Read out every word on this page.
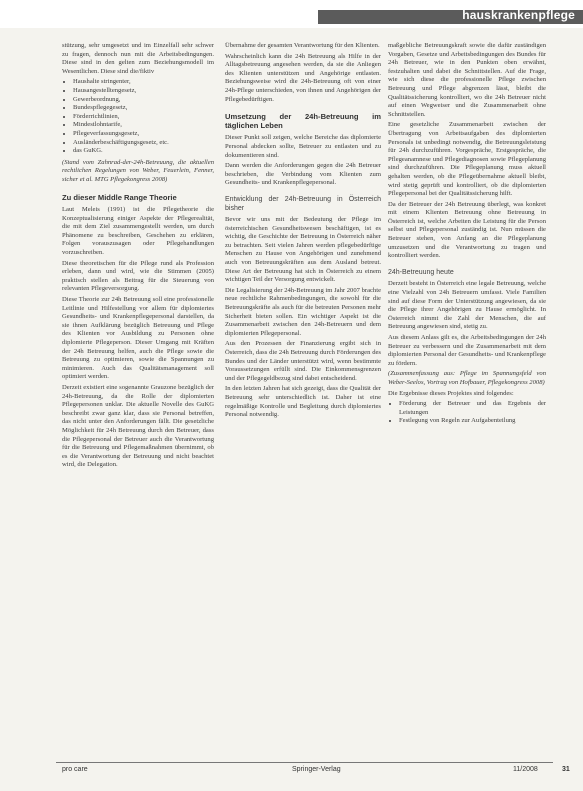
hauskrankenpflege

stützung, sehr umgesetzt und im Einzelfall sehr schwer zu fragen, dennoch nun mit die Arbeitsbedingungen. Diese sind in den gelten zum Beziehungsmodell im Wesentlichen. Diese sind die/fiktiv

• Haushalte stringenter,
• Hausangestelltengesetz,
• Gewerbeordnung,
• Bundespflegegesetz,
• Förderrichtlinien,
• Mindestlohntarife,
• Pflegeverfassungsgesetz,
• Ausländerbeschäftigungsgesetz, etc.
• das GuKG.

(Stand vom Zahnrad-der-24h-Betreuung, die aktuellen rechtlichen Regelungen von Weber, Feuerlein, Fenner, sicher et al. MTG Pflegekongress 2008)

Zu dieser Middle Range Theorie

Laut Meleis (1991) ist die Pflegetheorie die Konzeptualisierung einiger Aspekte der Pflegerealität, die mit dem Ziel zusammengestellt werden, um durch Phänomene zu beschreiben, Geschehen zu erklären, Folgen vorauszusagen oder Pflegehandlungen vorzuschreiben.

Diese theoretischen für die Pflege rund als Profession erleben, dann und wird, wie die Stimmen (2005) praktisch stellen als Beitrag für die Steuerung von relevanten Pflegeversorgung.

Diese Theorie zur 24h Betreuung soll eine professionelle Leitlinie und Hilfestellung vor allem für diplomiertes Gesundheits- und Krankenpflegepersonal darstellen, da sie ihnen Aufklärung bezüglich Betreuung und Pflege des Klienten vor Ausbildung zu Personen ohne diplomierte Pflegeperson. Dieser Umgang mit Kräften der 24h Betreuung helfen, auch die Pflege sowie die Betreuung zu optimieren, sowie die Spannungen zu minimieren. Auch das Qualitätsmanagement soll optimiert werden.

Derzeit existiert eine sogenannte Grauzone bezüglich der 24h-Betreuung, da die Rolle der diplomierten Pflegepersonen unklar. Die aktuelle Novelle des GuKG beschreibt zwar ganz klar, dass sie Personal betreffen, das nicht unter den Anforderungen fällt. Die gesetzliche Möglichkeit für 24h Betreuung durch den Betreuer, dass die Pflegepersonal der Betreuer auch die Verantwortung für die Betreuung und Pflegemaßnahmen übernimmt, ob es die Verantwortung der Betreuung und nicht beachtet wird, die Delegation.

Übernahme der gesamten Verantwortung für den Klienten.

Wahrscheinlich kann die 24h Betreuung als Hilfe in der Alltagsbetreuung angesehen werden, da sie die Anliegen des Klienten unterstützen und Angehörige entlasten. Beziehungsweise wird die 24h-Betreuung oft von einer 24h-Pflege unterschieden, von ihnen und Angehörigen der Pflegebedürftigen.

Umsetzung der 24h-Betreuung im täglichen Leben

Dieser Punkt soll zeigen, welche Bereiche das diplomierte Personal abdecken sollte, Betreuer zu entlasten und zu dokumentieren sind.

Dann werden die Anforderungen gegen die 24h Betreuer beschrieben, die Verbindung vom Klienten zum Gesundheits- und Krankenpflegepersonal.

Entwicklung der 24h-Betreuung in Österreich bisher

Bevor wir uns mit der Bedeutung der Pflege im österreichischen Gesundheitswesen beschäftigen, ist es wichtig, die Geschichte der Betreuung in Österreich näher zu betrachten. Seit vielen Jahren werden pflegebedürftige Menschen zu Hause von Angehörigen und zunehmend auch von Betreuungskräften aus dem Ausland betreut. Diese Art der Betreuung hat sich in Österreich zu einem wichtigen Teil der Versorgung entwickelt.

Die Legalisierung der 24h-Betreuung im Jahr 2007 brachte neue rechtliche Rahmenbedingungen, die sowohl für die Betreuungskräfte als auch für die betreuten Personen mehr Sicherheit bieten sollen. Ein wichtiger Aspekt ist die Zusammenarbeit zwischen den 24h-Betreuern und dem diplomierten Pflegepersonal.

Aus den Prozessen der Finanzierung ergibt sich in Österreich, dass die 24h Betreuung durch Förderungen des Bundes und der Länder unterstützt wird, wenn bestimmte Voraussetzungen erfüllt sind. Die Einkommensgrenzen und der Pflegegeldbezug sind dabei entscheidend.

In den letzten Jahren hat sich gezeigt, dass die Qualität der Betreuung sehr unterschiedlich ist. Daher ist eine regelmäßige Kontrolle und Begleitung durch diplomiertes Personal notwendig.

maßgebliche Betreuungskraft sowie die dafür zuständigen Vorgaben, Gesetze und Arbeitsbedingungen des Bundes für 24h Betreuer, wie in den Punkten oben erwähnt, festzuhalten und dabei die Schnittstellen. Auf die Frage, wie sich diese die professionelle Pflege zwischen Betreuung und Pflege abgrenzen lässt, bleibt die Qualitätssicherung kontrolliert, wo die 24h Betreuer nicht auf einen Wegweiser und die Zusammenarbeit ohne Schnittstellen.

Eine gesetzliche Zusammenarbeit zwischen der Übertragung von Arbeitsaufgaben des diplomierten Personals ist unbedingt notwendig, die Betreuungsleistung für 24h durchzuführen. Vorgespräche, Erstgespräche, die Pflegeanamnese und Pflegediagnosen sowie Pflegeplanung sind durchzuführen. Die Pflegeplanung muss aktuell gehalten werden, ob die Pflegeübernahme aktuell bleibt, wird stetig geprüft und kontrolliert, ob die diplomierten Pflegepersonal bei der Qualitätssicherung hilft.

Da der Betreuer der 24h Betreuung überlegt, was konkret mit einem Klienten Betreuung ohne Betreuung in Österreich ist, welche Arbeiten die Leistung für die Person selbst und Pflegepersonal zuständig ist. Nun müssen die Betreuer stehen, von Anfang an die Pflegeplanung umzusetzen und die Verantwortung zu tragen und kontrolliert werden.

24h-Betreuung heute

Derzeit besteht in Österreich eine legale Betreuung, welche eine Vielzahl von 24h Betreuern umfasst. Viele Familien sind auf diese Form der Unterstützung angewiesen, da sie die Pflege ihrer Angehörigen zu Hause ermöglicht. In Österreich nimmt die Zahl der Menschen, die auf Betreuung angewiesen sind, stetig zu.

Aus diesem Anlass gilt es, die Arbeitsbedingungen der 24h Betreuer zu verbessern und die Zusammenarbeit mit dem diplomierten Personal der Gesundheits- und Krankenpflege zu fördern.

(Zusammenfassung aus: Pflege im Spannungsfeld von Weber-Seelos, Vortrag von Hofbauer, Pflegekongress 2008)

Die Ergebnisse dieses Projektes sind folgendes:

• Förderung der Betreuer und das Ergebnis der Leistungen
• Festlegung von Regeln zur Aufgabenteilung
pro care	Springer-Verlag	11/2008	31
